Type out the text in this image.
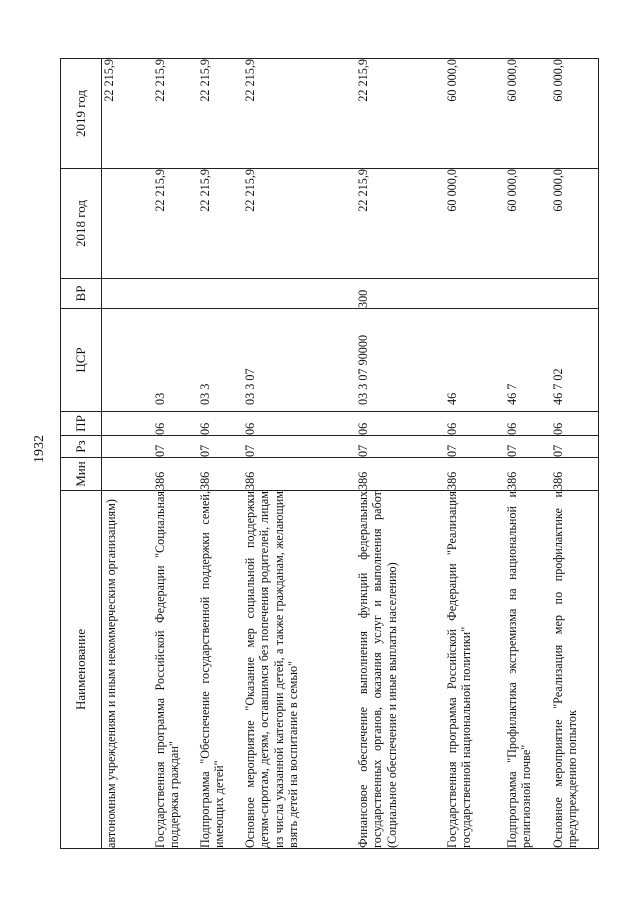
1932
Наименование	Мин	Рз	ПР	ЦСР	ВР	2018 год	2019 год
автономным учреждениям и иным некоммерческим организациям)							22 215,9
Государственная программа Российской Федерации "Социальная поддержка граждан"	386	07	06	03		22 215,9	22 215,9
Подпрограмма "Обеспечение государственной поддержки семей, имеющих детей"	386	07	06	03 3		22 215,9	22 215,9
Основное мероприятие "Оказание мер социальной поддержки детям-сиротам, детям, оставшимся без попечения родителей, лицам из числа указанной категории детей, а также гражданам, желающим взять детей на воспитание в семью"	386	07	06	03 3 07		22 215,9	22 215,9
Финансовое обеспечение выполнения функций федеральных государственных органов, оказания услуг и выполнения работ (Социальное обеспечение и иные выплаты населению)	386	07	06	03 3 07 90000	300	22 215,9	22 215,9
Государственная программа Российской Федерации "Реализация государственной национальной политики"	386	07	06	46		60 000,0	60 000,0
Подпрограмма "Профилактика экстремизма на национальной и религиозной почве"	386	07	06	46 7		60 000,0	60 000,0
Основное мероприятие "Реализация мер по профилактике и предупреждению попыток	386	07	06	46 7 02		60 000,0	60 000,0
